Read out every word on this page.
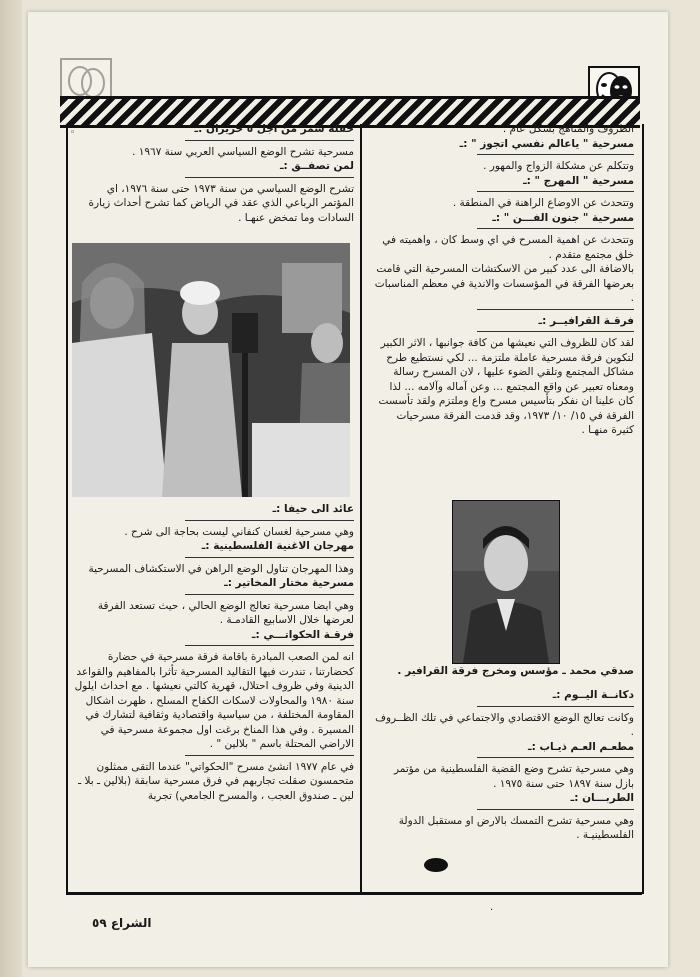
◦	الظروف والمناهج بشكل عام .

مسرحية " ياعالم نفسي اتجوز " :ـ

وتتكلم عن مشكلة الزواج والمهور .

مسرحية " المهرج " :ـ

وتتحدث عن الاوضاع الراهنة في المنطقة .

مسرحية " جنون الفـــن " :ـ

وتتحدث عن اهمية المسرح في اي وسط كان ، واهميته في خلق مجتمع متقدم .

بالاضافة الى عدد كبير من الاسكتشات المسرحية التي قامت بعرضها الفرقة في المؤسسات والاندية في معظم المناسبات .

فرقـة القرافيــر :ـ

لقد كان للظروف التي نعيشها من كافة جوانبها ، الاثر الكبير لتكوين فرقة مسرحية عاملة ملتزمة ... لكي نستطيع طرح مشاكل المجتمع وتلقي الضوء عليها ، لان المسرح رسالة ومعناه تعبير عن واقع المجتمع ... وعن آماله وآلامه ... لذا كان علينا ان نفكر بتأسيس مسرح واع وملتزم ولقد تأسست الفرقة في ١٥/ ١٠/ ١٩٧٣، وقد قدمت الفرقة مسرحيات كثيرة منهـا .

صدقي محمد ـ مؤسس ومخرج فرقة القرافير .

دكانــة اليــوم :ـ

وكانت تعالج الوضع الاقتصادي والاجتماعي في تلك الظــروف .

مطعـم العـم ذيـاب :ـ

وهي مسرحية تشرح وضع القضية الفلسطينية من مؤتمر بازل سنة ١٨٩٧ حتى سنة ١٩٧٥ .

الطربـــان :ـ

وهي مسرحية تشرح التمسك بالارض او مستقبل الدولة الفلسطينيـة .

حفلة سمر من اجل ٥ حزيران :ـ

مسرحية تشرح الوضع السياسي العربي سنة ١٩٦٧ .

لمن تصفــق :ـ

تشرح الوضع السياسي من سنة ١٩٧٣ حتى سنة ١٩٧٦، اي المؤتمر الرباعي الذي عقد في الرياض كما تشرح أحداث زيارة السادات وما تمخض عنهـا .

عائد الى حيفا :ـ

وهي مسرحية لغسان كنفاني ليست بحاجة الى شرح .

مهرجان الاغنية الفلسطينية :ـ

وهذا المهرجان تناول الوضع الراهن في الاستكشاف المسرحية

مسرحية مختار المخاتير :ـ

وهي ايضا مسرحية تعالج الوضع الحالي ، حيث تستعد الفرقة لعرضها خلال الاسابيع القادمـة .

فرقـة الحكواتـــي :ـ

انه لمن الصعب المبادرة باقامة فرقة مسرحية في حضارة كحضارتنا ، تندرت فيها التقاليد المسرحية تأثرا بالمفاهيم والقواعد الدينية وفي ظروف احتلال، قهرية كالتي نعيشها . مع احداث ايلول سنة ١٩٨٠ والمحاولات لاسكات الكفاح المسلح ، ظهرت اشكال المقاومة المختلفة ، من سياسية واقتصادية وثقافية لتشارك في المسيرة . وفي هذا المناخ برغت اول مجموعة مسرحية في الاراضي المحتلة باسم " بلالين " .

في عام ١٩٧٧ انشئ مسرح "الحكواتي" عندما التقى ممثلون متحمسون صقلت تجاربهم في فرق مسرحية سابقة (بلالين ـ بلا ـ لين ـ صندوق العجب ، والمسرح الجامعي) تجربة

·
الشراع ٥٩
